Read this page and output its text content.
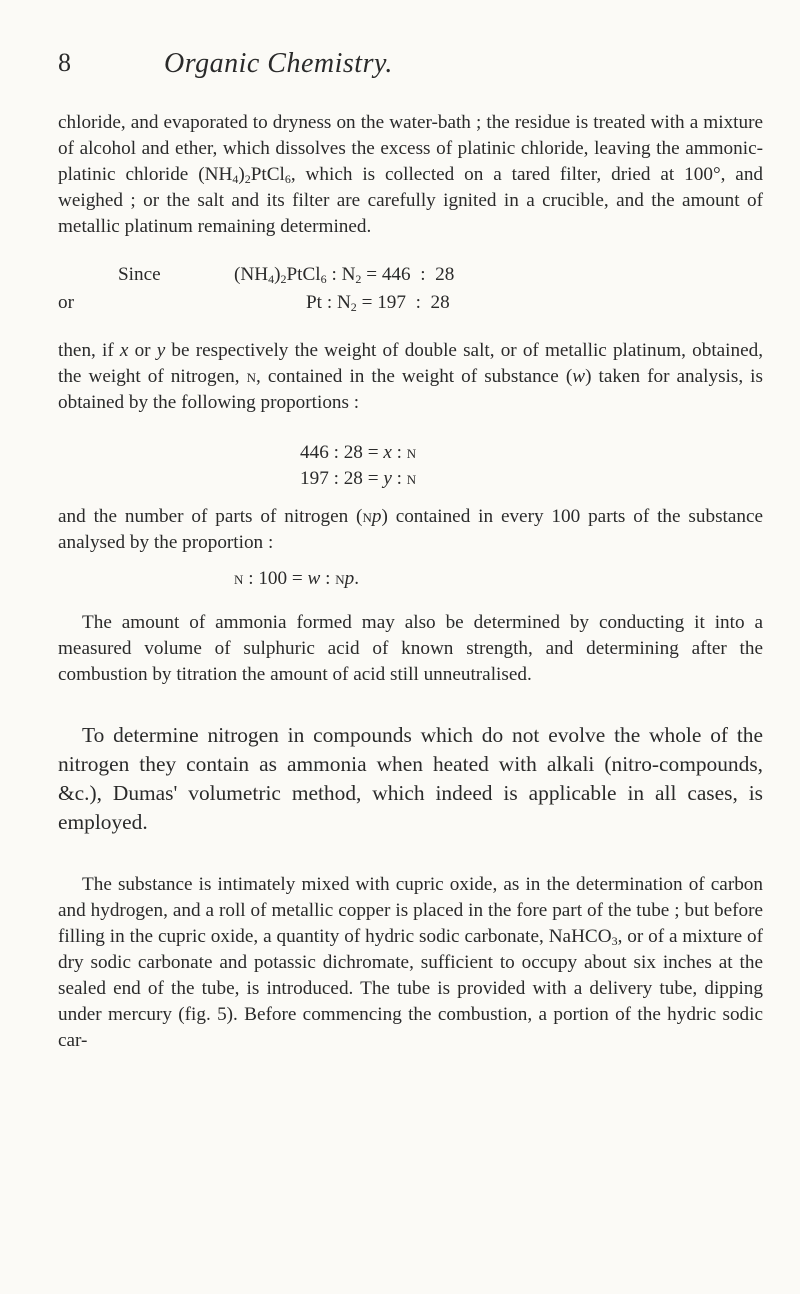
8	Organic Chemistry.

chloride, and evaporated to dryness on the water-bath ; the residue is treated with a mixture of alcohol and ether, which dissolves the excess of platinic chloride, leaving the ammonic-platinic chloride $(NH_4)_2PtCl_6$, which is collected on a tared filter, dried at 100°, and weighed ; or the salt and its filter are carefully ignited in a crucible, and the amount of metallic platinum remaining determined.

Since	$(NH_4)_2PtCl_6$ : $N_2 = 446$  :  28
or	Pt : $N_2 = 197$  :  28

then, if x or y be respectively the weight of double salt, or of metallic platinum, obtained, the weight of nitrogen, n, contained in the weight of substance (w) taken for analysis, is obtained by the following proportions :

446 : 28 = x : n
197 : 28 = y : n

and the number of parts of nitrogen (np) contained in every 100 parts of the substance analysed by the proportion :

n : 100 = w : np.

The amount of ammonia formed may also be determined by conducting it into a measured volume of sulphuric acid of known strength, and determining after the combustion by titration the amount of acid still unneutralised.

To determine nitrogen in compounds which do not evolve the whole of the nitrogen they contain as ammonia when heated with alkali (nitro-compounds, &c.), Dumas' volumetric method, which indeed is applicable in all cases, is employed.

The substance is intimately mixed with cupric oxide, as in the determination of carbon and hydrogen, and a roll of metallic copper is placed in the fore part of the tube ; but before filling in the cupric oxide, a quantity of hydric sodic carbonate, NaHCO$_3$, or of a mixture of dry sodic carbonate and potassic dichromate, sufficient to occupy about six inches at the sealed end of the tube, is introduced. The tube is provided with a delivery tube, dipping under mercury (fig. 5). Before commencing the combustion, a portion of the hydric sodic car-
